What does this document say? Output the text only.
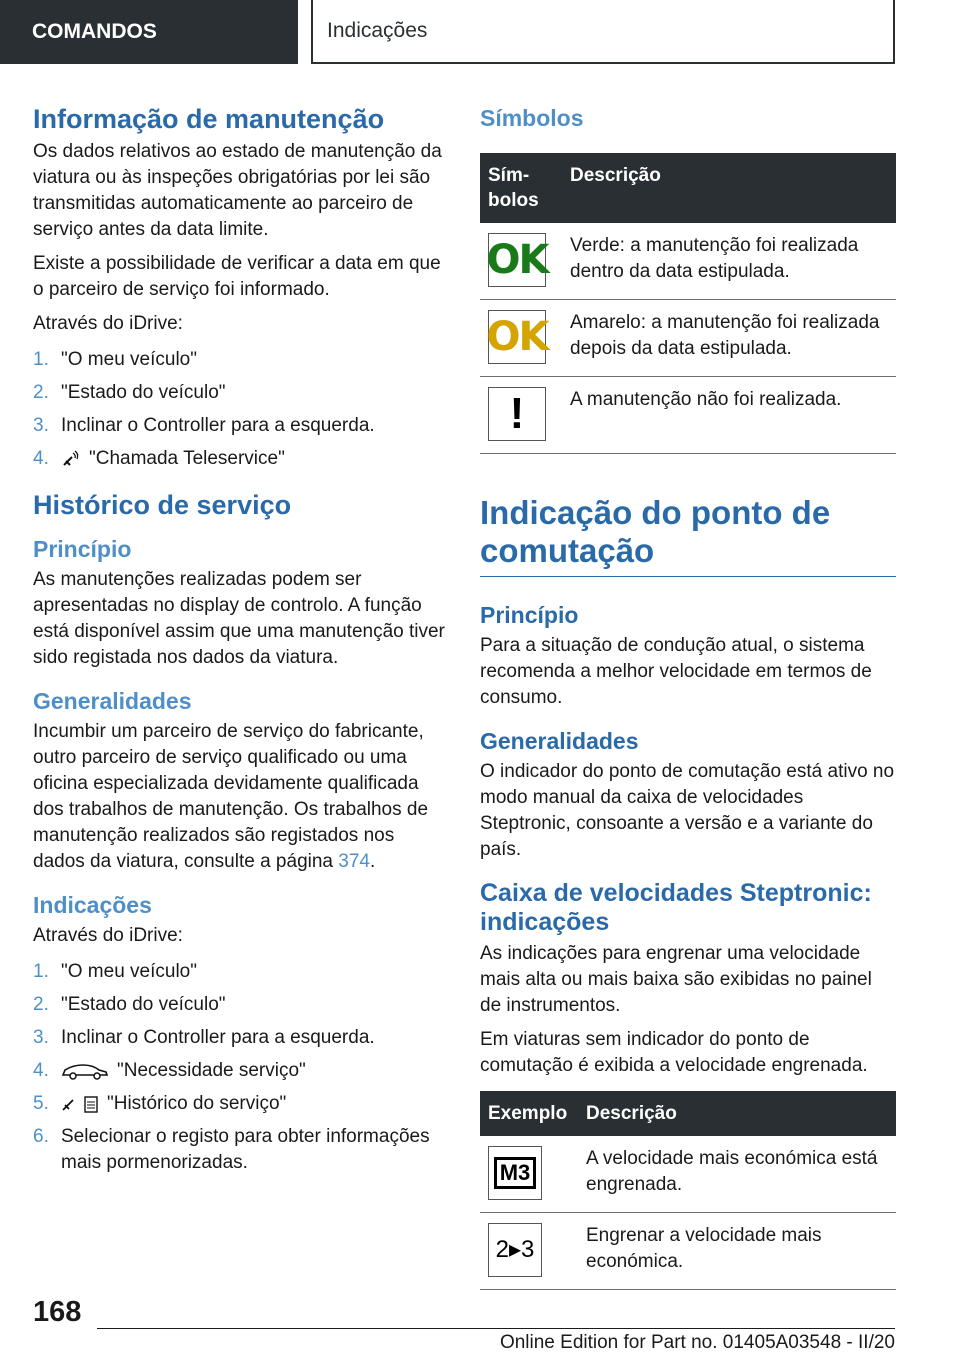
COMANDOS	Indicações
Informação de manutenção

Os dados relativos ao estado de manutenção da viatura ou às inspeções obrigatórias por lei são transmitidas automaticamente ao parceiro de serviço antes da data limite.

Existe a possibilidade de verificar a data em que o parceiro de serviço foi informado.

Através do iDrive:

1. "O meu veículo"
2. "Estado do veículo"
3. Inclinar o Controller para a esquerda.
4.	"Chamada Teleservice"
Histórico de serviço
Princípio

As manutenções realizadas podem ser apresentadas no display de controlo. A função está disponível assim que uma manutenção tiver sido registada nos dados da viatura.

Generalidades

Incumbir um parceiro de serviço do fabricante, outro parceiro de serviço qualificado ou uma oficina especializada devidamente qualificada dos trabalhos de manutenção. Os trabalhos de manutenção realizados são registados nos dados da viatura, consulte a página 374.

Indicações

Através do iDrive:

1. "O meu veículo"
2. "Estado do veículo"
3. Inclinar o Controller para a esquerda.
4.	"Necessidade serviço"
5.	"Histórico do serviço"
6. Selecionar o registo para obter informações mais pormenorizadas.
Símbolos
Sím-bolos	Descrição

OK	Verde: a manutenção foi realizada dentro da data estipulada.

OK	Amarelo: a manutenção foi realizada depois da data estipulada.

!	A manutenção não foi realizada.
Indicação do ponto de comutação
Princípio

Para a situação de condução atual, o sistema recomenda a melhor velocidade em termos de consumo.

Generalidades

O indicador do ponto de comutação está ativo no modo manual da caixa de velocidades Steptronic, consoante a versão e a variante do país.

Caixa de velocidades Steptronic: indicações

As indicações para engrenar uma velocidade mais alta ou mais baixa são exibidas no painel de instrumentos.

Em viaturas sem indicador do ponto de comutação é exibida a velocidade engrenada.

Exemplo	Descrição

M3	A velocidade mais económica está engrenada.

2▸3	Engrenar a velocidade mais económica.
168
Online Edition for Part no. 01405A03548 - II/20
